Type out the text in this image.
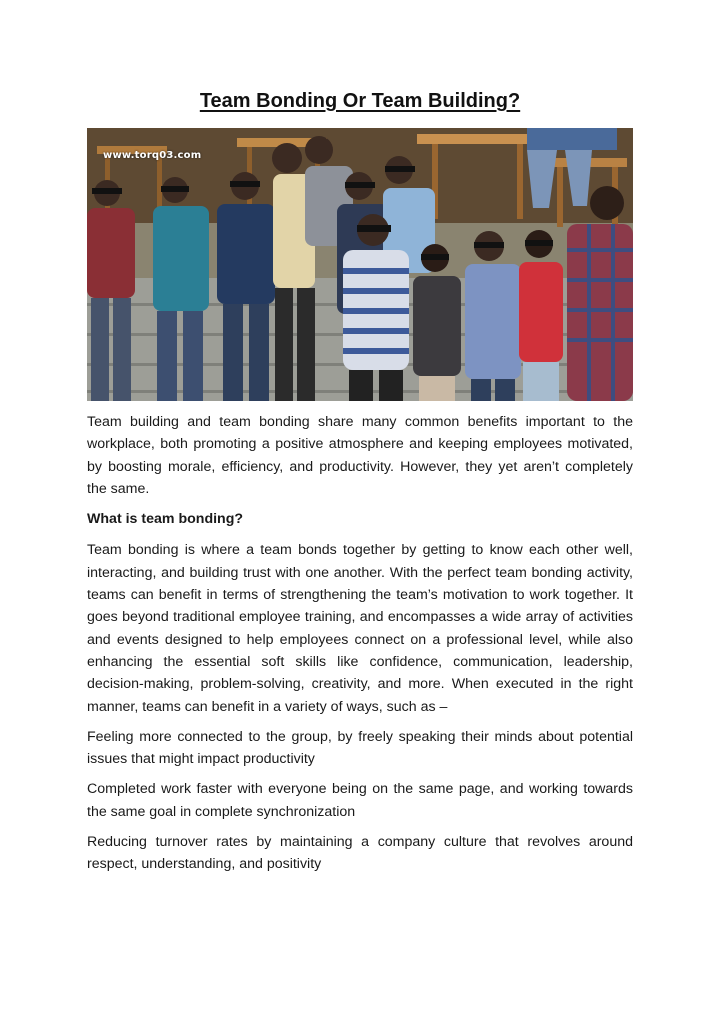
Team Bonding Or Team Building?
www.torq03.com

Team building and team bonding share many common benefits important to the workplace, both promoting a positive atmosphere and keeping employees motivated, by boosting morale, efficiency, and productivity. However, they yet aren’t completely the same.

What is team bonding?

Team bonding is where a team bonds together by getting to know each other well, interacting, and building trust with one another. With the perfect team bonding activity, teams can benefit in terms of strengthening the team’s motivation to work together. It goes beyond traditional employee training, and encompasses a wide array of activities and events designed to help employees connect on a professional level, while also enhancing the essential soft skills like confidence, communication, leadership, decision-making, problem-solving, creativity, and more. When executed in the right manner, teams can benefit in a variety of ways, such as –

Feeling more connected to the group, by freely speaking their minds about potential issues that might impact productivity

Completed work faster with everyone being on the same page, and working towards the same goal in complete synchronization

Reducing turnover rates by maintaining a company culture that revolves around respect, understanding, and positivity
